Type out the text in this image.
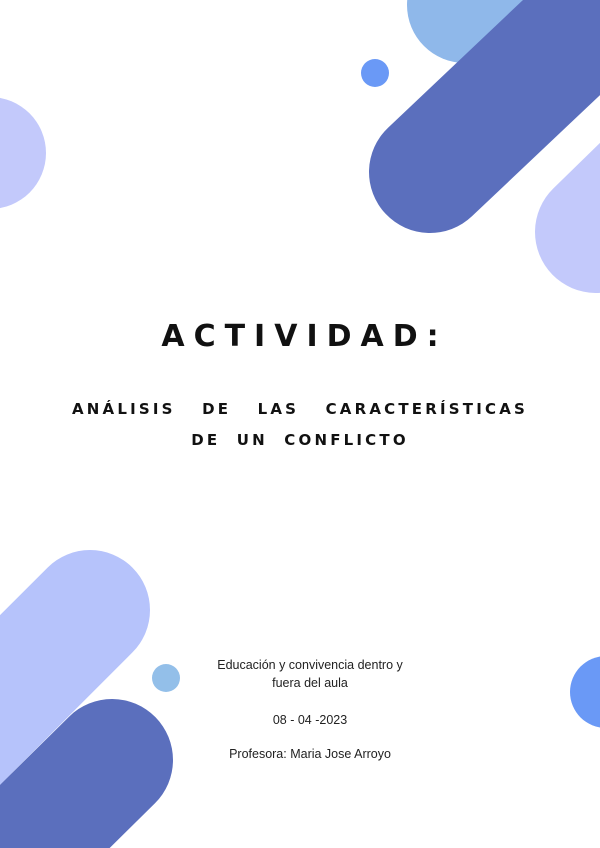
ACTIVIDAD:

ANÁLISIS DE LAS CARACTERÍSTICAS

DE UN CONFLICTO

Educación y convivencia dentro y fuera del aula

08 - 04 -2023

Profesora: Maria Jose Arroyo
